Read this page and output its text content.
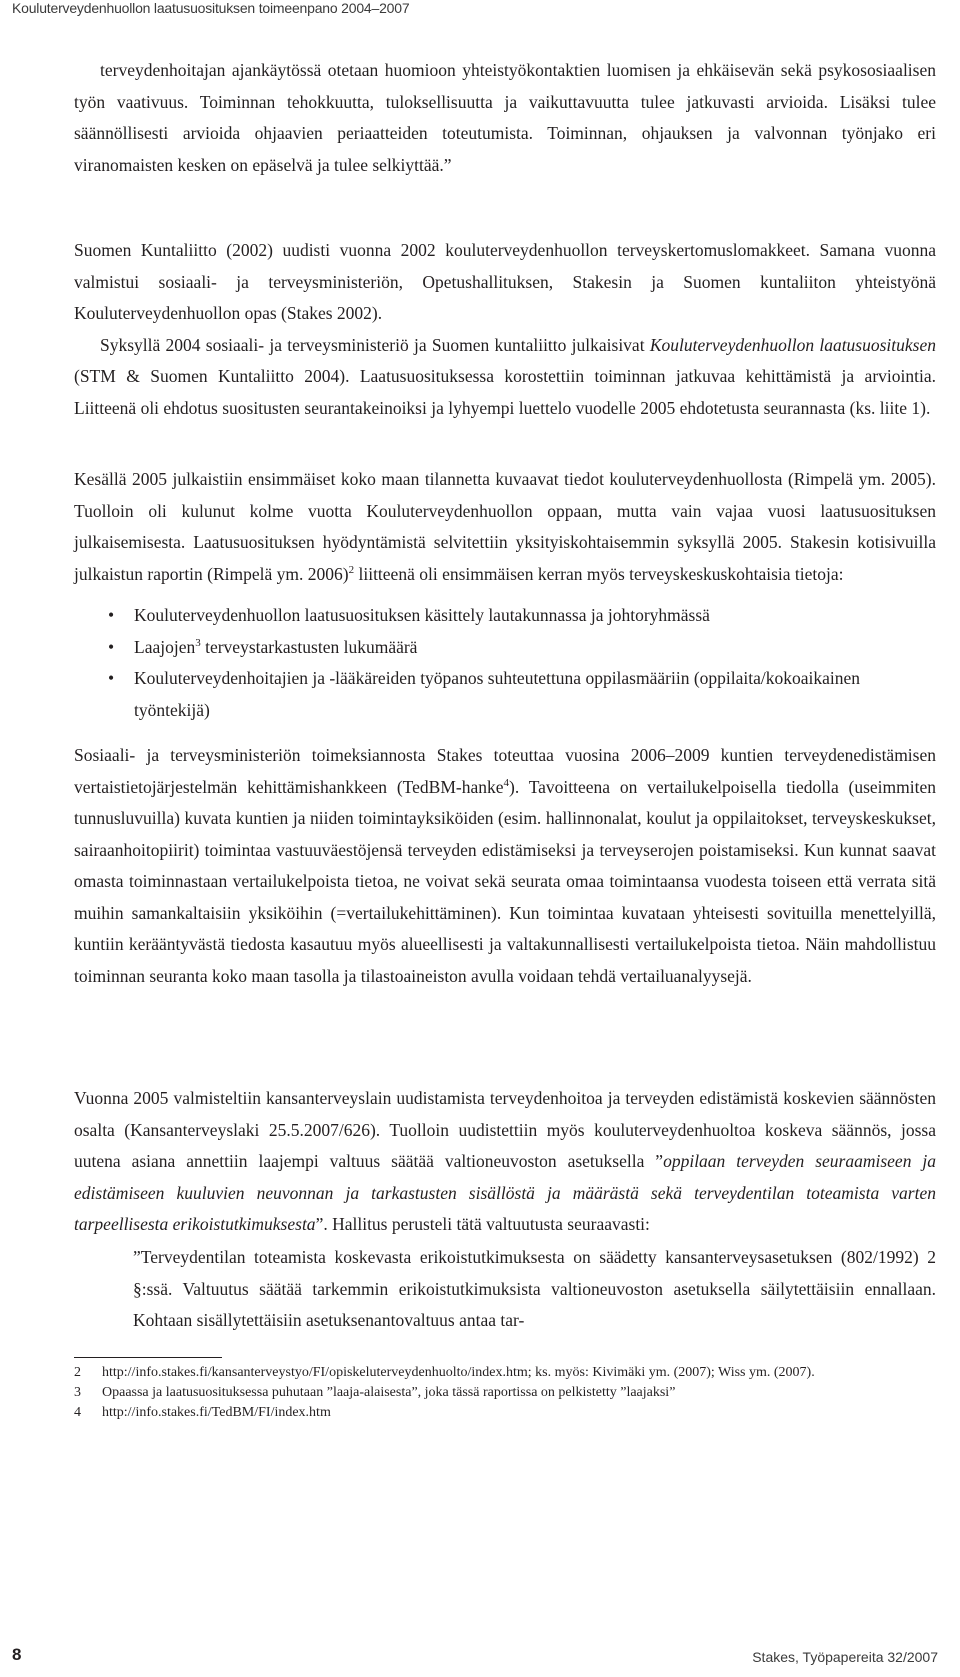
Kouluterveydenhuollon laatusuosituksen toimeenpano 2004–2007

terveydenhoitajan ajankäytössä otetaan huomioon yhteistyökontaktien luomisen ja ehkäisevän sekä psykososiaalisen työn vaativuus. Toiminnan tehokkuutta, tuloksellisuutta ja vaikuttavuutta tulee jatkuvasti arvioida. Lisäksi tulee säännöllisesti arvioida ohjaavien periaatteiden toteutumista. Toiminnan, ohjauksen ja valvonnan työnjako eri viranomaisten kesken on epäselvä ja tulee selkiyttää.”

Suomen Kuntaliitto (2002) uudisti vuonna 2002 kouluterveydenhuollon terveyskertomuslomakkeet. Samana vuonna valmistui sosiaali- ja terveysministeriön, Opetushallituksen, Stakesin ja Suomen kuntaliiton yhteistyönä Kouluterveydenhuollon opas (Stakes 2002).

Syksyllä 2004 sosiaali- ja terveysministeriö ja Suomen kuntaliitto julkaisivat Kouluterveydenhuollon laatusuosituksen (STM & Suomen Kuntaliitto 2004). Laatusuosituksessa korostettiin toiminnan jatkuvaa kehittämistä ja arviointia. Liitteenä oli ehdotus suositusten seurantakeinoiksi ja lyhyempi luettelo vuodelle 2005 ehdotetusta seurannasta (ks. liite 1).

Kesällä 2005 julkaistiin ensimmäiset koko maan tilannetta kuvaavat tiedot kouluterveydenhuollosta (Rimpelä ym. 2005). Tuolloin oli kulunut kolme vuotta Kouluterveydenhuollon oppaan, mutta vain vajaa vuosi laatusuosituksen julkaisemisesta. Laatusuosituksen hyödyntämistä selvitettiin yksityiskohtaisemmin syksyllä 2005. Stakesin kotisivuilla julkaistun raportin (Rimpelä ym. 2006)$^2$ liitteenä oli ensimmäisen kerran myös terveyskeskuskohtaisia tietoja:

• Kouluterveydenhuollon laatusuosituksen käsittely lautakunnassa ja johtoryhmässä
• Laajojen$^3$ terveystarkastusten lukumäärä
• Kouluterveydenhoitajien ja -lääkäreiden työpanos suhteutettuna oppilasmääriin (oppilaita/kokoaikainen työntekijä)

Sosiaali- ja terveysministeriön toimeksiannosta Stakes toteuttaa vuosina 2006–2009 kuntien terveydenedistämisen vertaistietojärjestelmän kehittämishankkeen (TedBM-hanke$^4$). Tavoitteena on vertailukelpoisella tiedolla (useimmiten tunnusluvuilla) kuvata kuntien ja niiden toimintayksiköiden (esim. hallinnonalat, koulut ja oppilaitokset, terveyskeskukset, sairaanhoitopiirit) toimintaa vastuuväestöjensä terveyden edistämiseksi ja terveyserojen poistamiseksi. Kun kunnat saavat omasta toiminnastaan vertailukelpoista tietoa, ne voivat sekä seurata omaa toimintaansa vuodesta toiseen että verrata sitä muihin samankaltaisiin yksiköihin (=vertailukehittäminen). Kun toimintaa kuvataan yhteisesti sovituilla menettelyillä, kuntiin kerääntyvästä tiedosta kasautuu myös alueellisesti ja valtakunnallisesti vertailukelpoista tietoa. Näin mahdollistuu toiminnan seuranta koko maan tasolla ja tilastoaineiston avulla voidaan tehdä vertailuanalyysejä.

Vuonna 2005 valmisteltiin kansanterveyslain uudistamista terveydenhoitoa ja terveyden edistämistä koskevien säännösten osalta (Kansanterveyslaki 25.5.2007/626). Tuolloin uudistettiin myös kouluterveydenhuoltoa koskeva säännös, jossa uutena asiana annettiin laajempi valtuus säätää valtioneuvoston asetuksella ”oppilaan terveyden seuraamiseen ja edistämiseen kuuluvien neuvonnan ja tarkastusten sisällöstä ja määrästä sekä terveydentilan toteamista varten tarpeellisesta erikoistutkimuksesta”. Hallitus perusteli tätä valtuutusta seuraavasti:

”Terveydentilan toteamista koskevasta erikoistutkimuksesta on säädetty kansanterveysasetuksen (802/1992) 2 §:ssä. Valtuutus säätää tarkemmin erikoistutkimuksista valtioneuvoston asetuksella säilytettäisiin ennallaan. Kohtaan sisällytettäisiin asetuksenantovaltuus antaa tar-

2 http://info.stakes.fi/kansanterveystyo/FI/opiskeluterveydenhuolto/index.htm; ks. myös: Kivimäki ym. (2007); Wiss ym. (2007).
3 Opaassa ja laatusuosituksessa puhutaan ”laaja-alaisesta”, joka tässä raportissa on pelkistetty ”laajaksi”
4 http://info.stakes.fi/TedBM/FI/index.htm
8	Stakes, Työpapereita 32/2007
